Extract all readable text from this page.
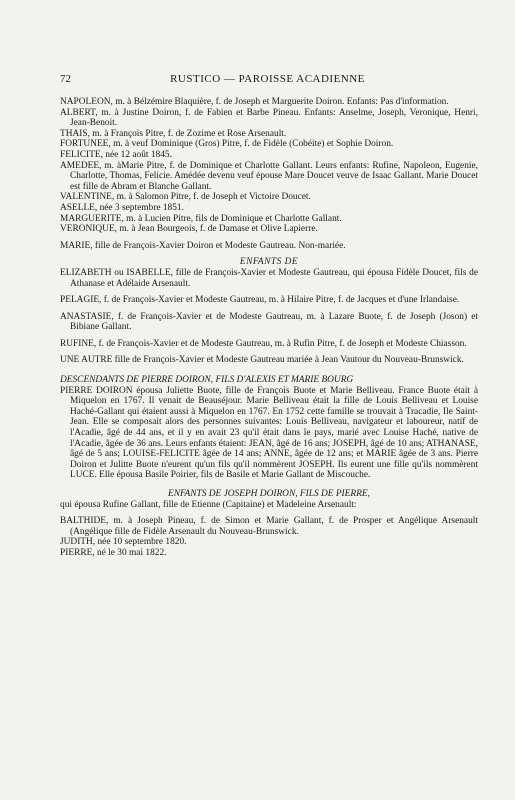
72	RUSTICO — PAROISSE ACADIENNE

NAPOLEON, m. à Bélzémire Blaquière, f. de Joseph et Marguerite Doiron. Enfants: Pas d'information.

ALBERT, m. à Justine Doiron, f. de Fabien et Barbe Pineau. Enfants: Anselme, Joseph, Veronique, Henri, Jean-Benoit.

THAIS, m. à François Pitre, f. de Zozime et Rose Arsenault.

FORTUNEE, m. à veuf Dominique (Gros) Pitre, f. de Fidèle (Cobéite) et Sophie Doiron.

FELICITE, née 12 août 1845.

AMEDEE, m. àMarie Pitre, f. de Dominique et Charlotte Gallant. Leurs enfants: Rufine, Napoleon, Eugenie, Charlotte, Thomas, Felicie. Amédée devenu veuf épouse Mare Doucet veuve de Isaac Gallant. Marie Doucet est fille de Abram et Blanche Gallant.

VALENTINE, m. à Salomon Pitre, f. de Joseph et Victoire Doucet.

ASELLE, née 3 septembre 1851.

MARGUERITE, m. à Lucien Pitre, fils de Dominique et Charlotte Gallant.

VERONIQUE, m. à Jean Bourgeois, f. de Damase et Olive Lapierre.

MARIE, fille de François-Xavier Doiron et Modeste Gautreau. Non-mariée.

ENFANTS DE

ELIZABETH ou ISABELLE, fille de François-Xavier et Modeste Gautreau, qui épousa Fidèle Doucet, fils de Athanase et Adélaide Arsenault.

PELAGIE, f. de François-Xavier et Modeste Gautreau, m. à Hilaire Pitre, f. de Jacques et d'une Irlandaise.

ANASTASIE, f. de François-Xavier et de Modeste Gautreau, m. à Lazare Buote, f. de Joseph (Joson) et Bibiane Gallant.

RUFINE, f. de François-Xavier et de Modeste Gautreau, m. à Rufin Pitre, f. de Joseph et Modeste Chiasson.

UNE AUTRE fille de François-Xavier et Modeste Gautreau mariée à Jean Vautour du Nouveau-Brunswick.

DESCENDANTS DE PIERRE DOIRON, FILS D'ALEXIS ET MARIE BOURG

PIERRE DOIRON épousa Juliette Buote, fille de François Buote et Marie Belliveau. France Buote était à Miquelon en 1767. Il venait de Beauséjour. Marie Belliveau était la fille de Louis Belliveau et Louise Haché-Gallant qui étaient aussi à Miquelon en 1767. En 1752 cette famille se trouvait à Tracadie, Ile Saint-Jean. Elle se composait alors des personnes suivantes: Louis Belliveau, navigateur et laboureur, natif de l'Acadie, âgé de 44 ans, et il y en avait 23 qu'il était dans le pays, marié avec Louise Haché, native de l'Acadie, âgée de 36 ans. Leurs enfants étaient: JEAN, âgé de 16 ans; JOSEPH, âgé de 10 ans; ATHANASE, âgé de 5 ans; LOUISE-FELICITE âgée de 14 ans; ANNE, âgée de 12 ans; et MARIE âgée de 3 ans. Pierre Doiron et Julitte Buote n'eurent qu'un fils qu'il nommèrent JOSEPH. Ils eurent une fille qu'ils nommèrent LUCE. Elle épousa Basile Poirier, fils de Basile et Marie Gallant de Miscouche.

ENFANTS DE JOSEPH DOIRON, FILS DE PIERRE,

qui épousa Rufine Gallant, fille de Etienne (Capitaine) et Madeleine Arsenault:

BALTHIDE, m. à Joseph Pineau, f. de Simon et Marie Gallant, f. de Prosper et Angélique Arsenault (Angélique fille de Fidèle Arsenault du Nouveau-Brunswick.

JUDITH, née 10 septembre 1820.

PIERRE, né le 30 mai 1822.
